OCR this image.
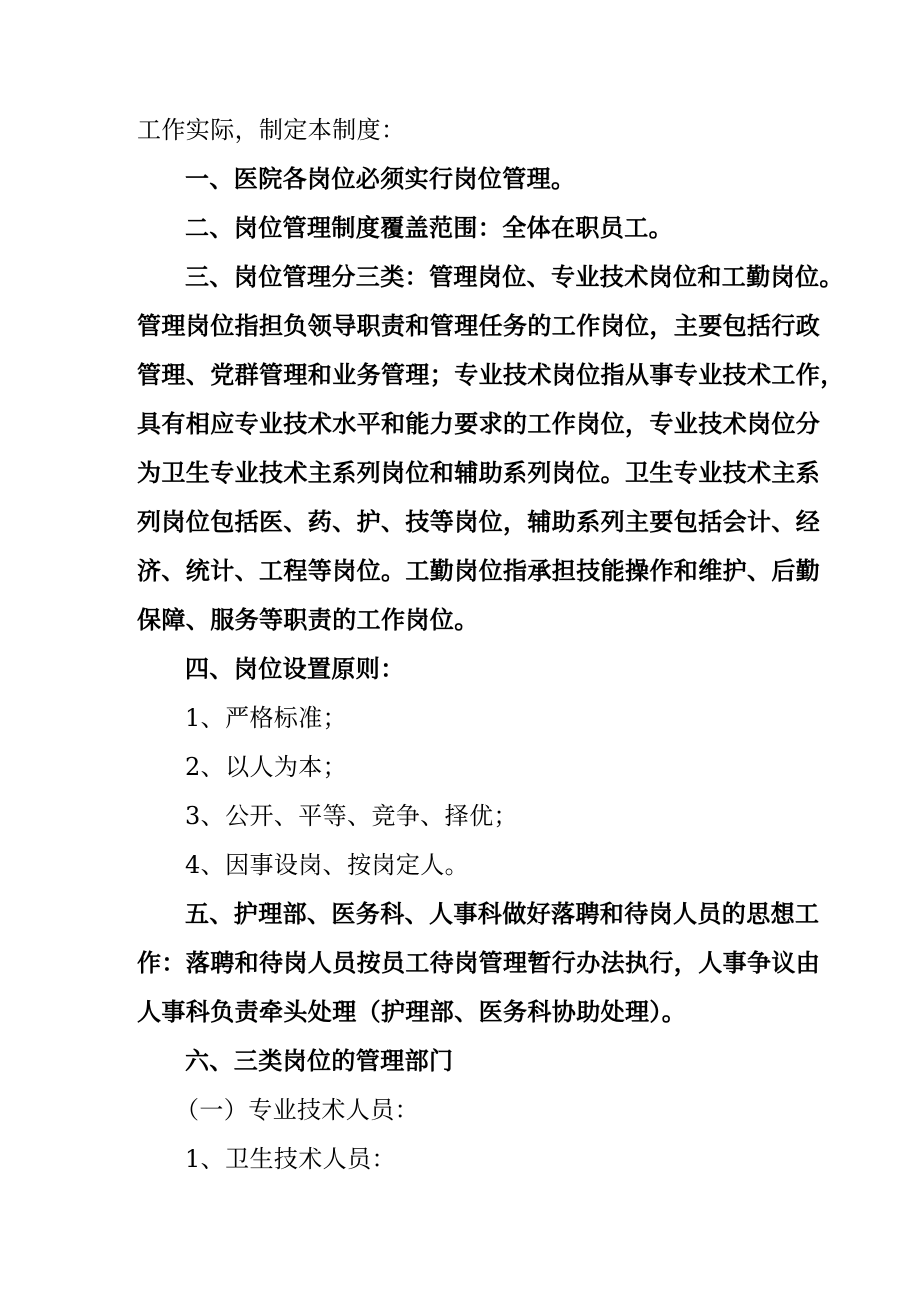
工作实际，制定本制度：

一、医院各岗位必须实行岗位管理。

二、岗位管理制度覆盖范围：全体在职员工。

三、岗位管理分三类：管理岗位、专业技术岗位和工勤岗位。

管理岗位指担负领导职责和管理任务的工作岗位，主要包括行政
管理、党群管理和业务管理；专业技术岗位指从事专业技术工作，
具有相应专业技术水平和能力要求的工作岗位，专业技术岗位分
为卫生专业技术主系列岗位和辅助系列岗位。卫生专业技术主系
列岗位包括医、药、护、技等岗位，辅助系列主要包括会计、经
济、统计、工程等岗位。工勤岗位指承担技能操作和维护、后勤
保障、服务等职责的工作岗位。

四、岗位设置原则：

1、严格标准；

2、以人为本；

3、公开、平等、竞争、择优；

4、因事设岗、按岗定人。

五、护理部、医务科、人事科做好落聘和待岗人员的思想工
作：落聘和待岗人员按员工待岗管理暂行办法执行，人事争议由
人事科负责牵头处理（护理部、医务科协助处理）。

六、三类岗位的管理部门

（一）专业技术人员：

1、卫生技术人员：
